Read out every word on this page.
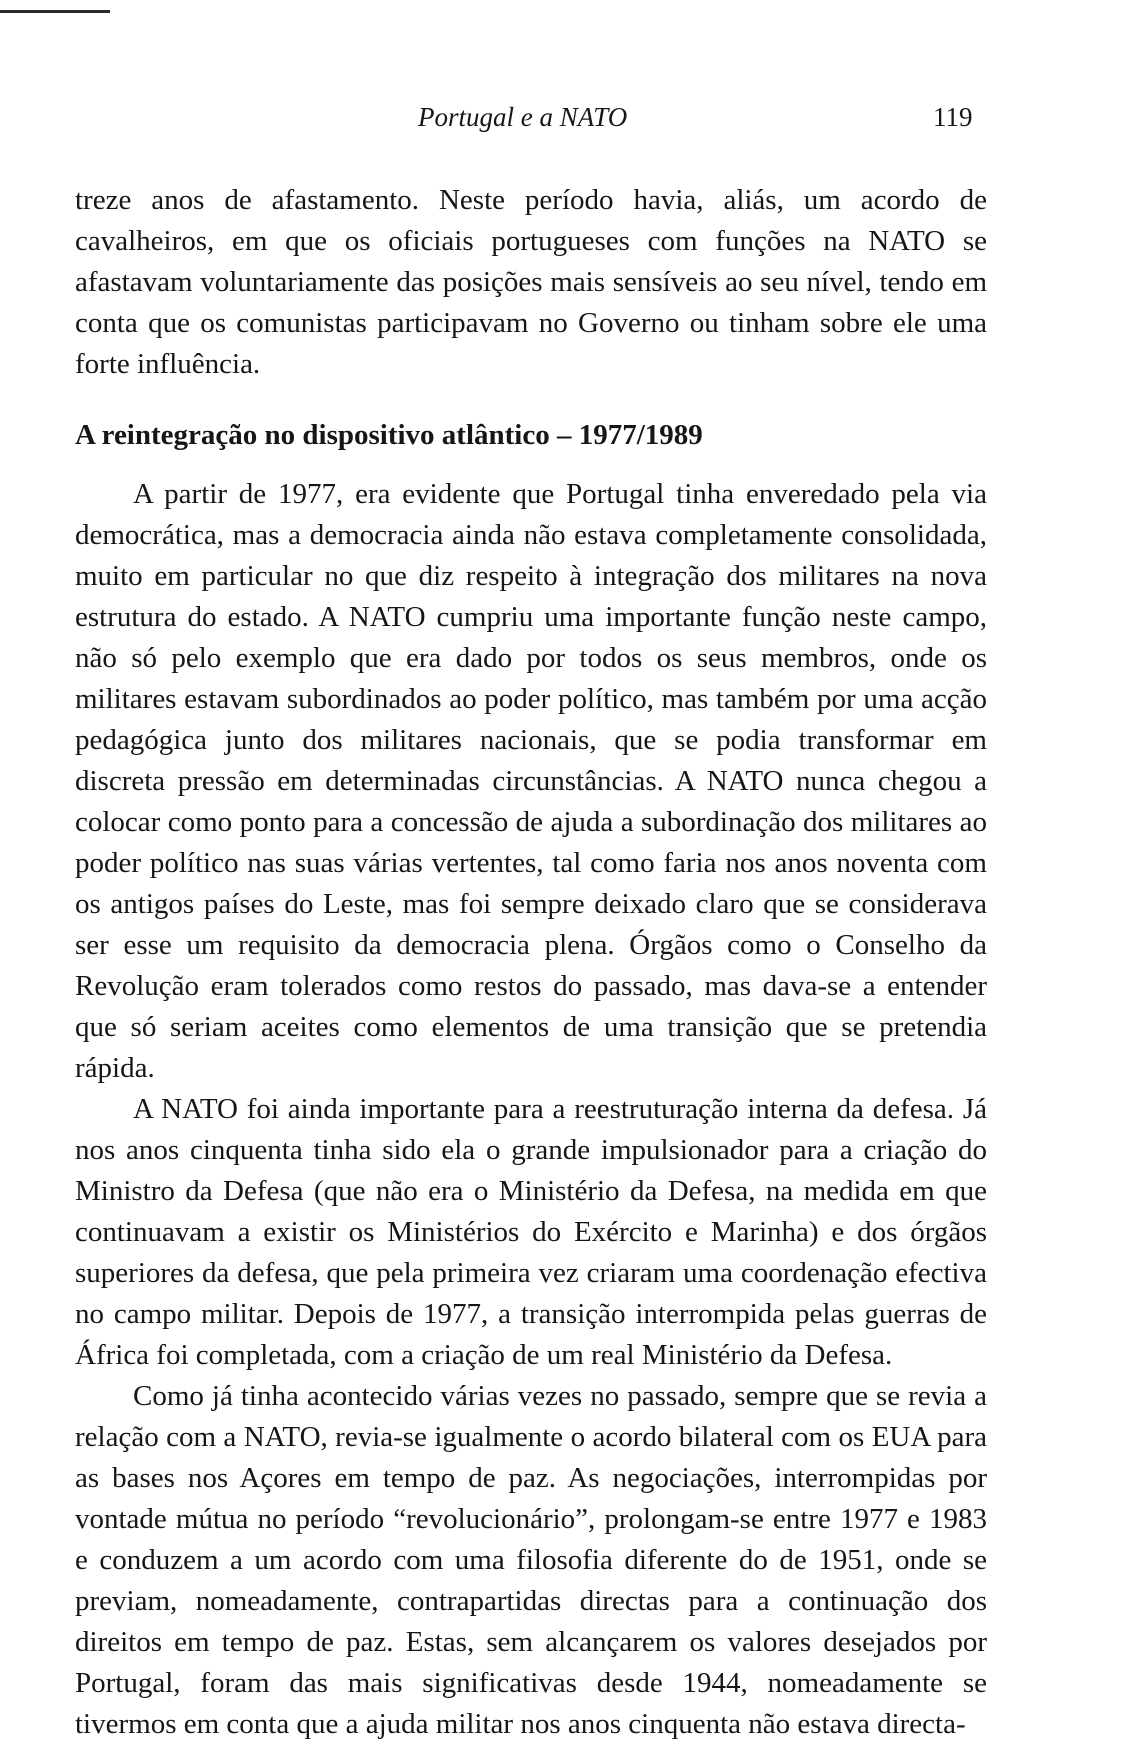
Portugal e a NATO	119

treze anos de afastamento. Neste período havia, aliás, um acordo de cavalheiros, em que os oficiais portugueses com funções na NATO se afastavam voluntariamente das posições mais sensíveis ao seu nível, tendo em conta que os comunistas participavam no Governo ou tinham sobre ele uma forte influência.

A reintegração no dispositivo atlântico – 1977/1989

A partir de 1977, era evidente que Portugal tinha enveredado pela via democrática, mas a democracia ainda não estava completamente consolidada, muito em particular no que diz respeito à integração dos militares na nova estrutura do estado. A NATO cumpriu uma importante função neste campo, não só pelo exemplo que era dado por todos os seus membros, onde os militares estavam subordinados ao poder político, mas também por uma acção pedagógica junto dos militares nacionais, que se podia transformar em discreta pressão em determinadas circunstâncias. A NATO nunca chegou a colocar como ponto para a concessão de ajuda a subordinação dos militares ao poder político nas suas várias vertentes, tal como faria nos anos noventa com os antigos países do Leste, mas foi sempre deixado claro que se considerava ser esse um requisito da democracia plena. Órgãos como o Conselho da Revolução eram tolerados como restos do passado, mas dava-se a entender que só seriam aceites como elementos de uma transição que se pretendia rápida.

A NATO foi ainda importante para a reestruturação interna da defesa. Já nos anos cinquenta tinha sido ela o grande impulsionador para a criação do Ministro da Defesa (que não era o Ministério da Defesa, na medida em que continuavam a existir os Ministérios do Exército e Marinha) e dos órgãos superiores da defesa, que pela primeira vez criaram uma coordenação efectiva no campo militar. Depois de 1977, a transição interrompida pelas guerras de África foi completada, com a criação de um real Ministério da Defesa.

Como já tinha acontecido várias vezes no passado, sempre que se revia a relação com a NATO, revia-se igualmente o acordo bilateral com os EUA para as bases nos Açores em tempo de paz. As negociações, interrompidas por vontade mútua no período “revolucionário”, prolongam-se entre 1977 e 1983 e conduzem a um acordo com uma filosofia diferente do de 1951, onde se previam, nomeadamente, contrapartidas directas para a continuação dos direitos em tempo de paz. Estas, sem alcançarem os valores desejados por Portugal, foram das mais significativas desde 1944, nomeadamente se tivermos em conta que a ajuda militar nos anos cinquenta não estava directa-
